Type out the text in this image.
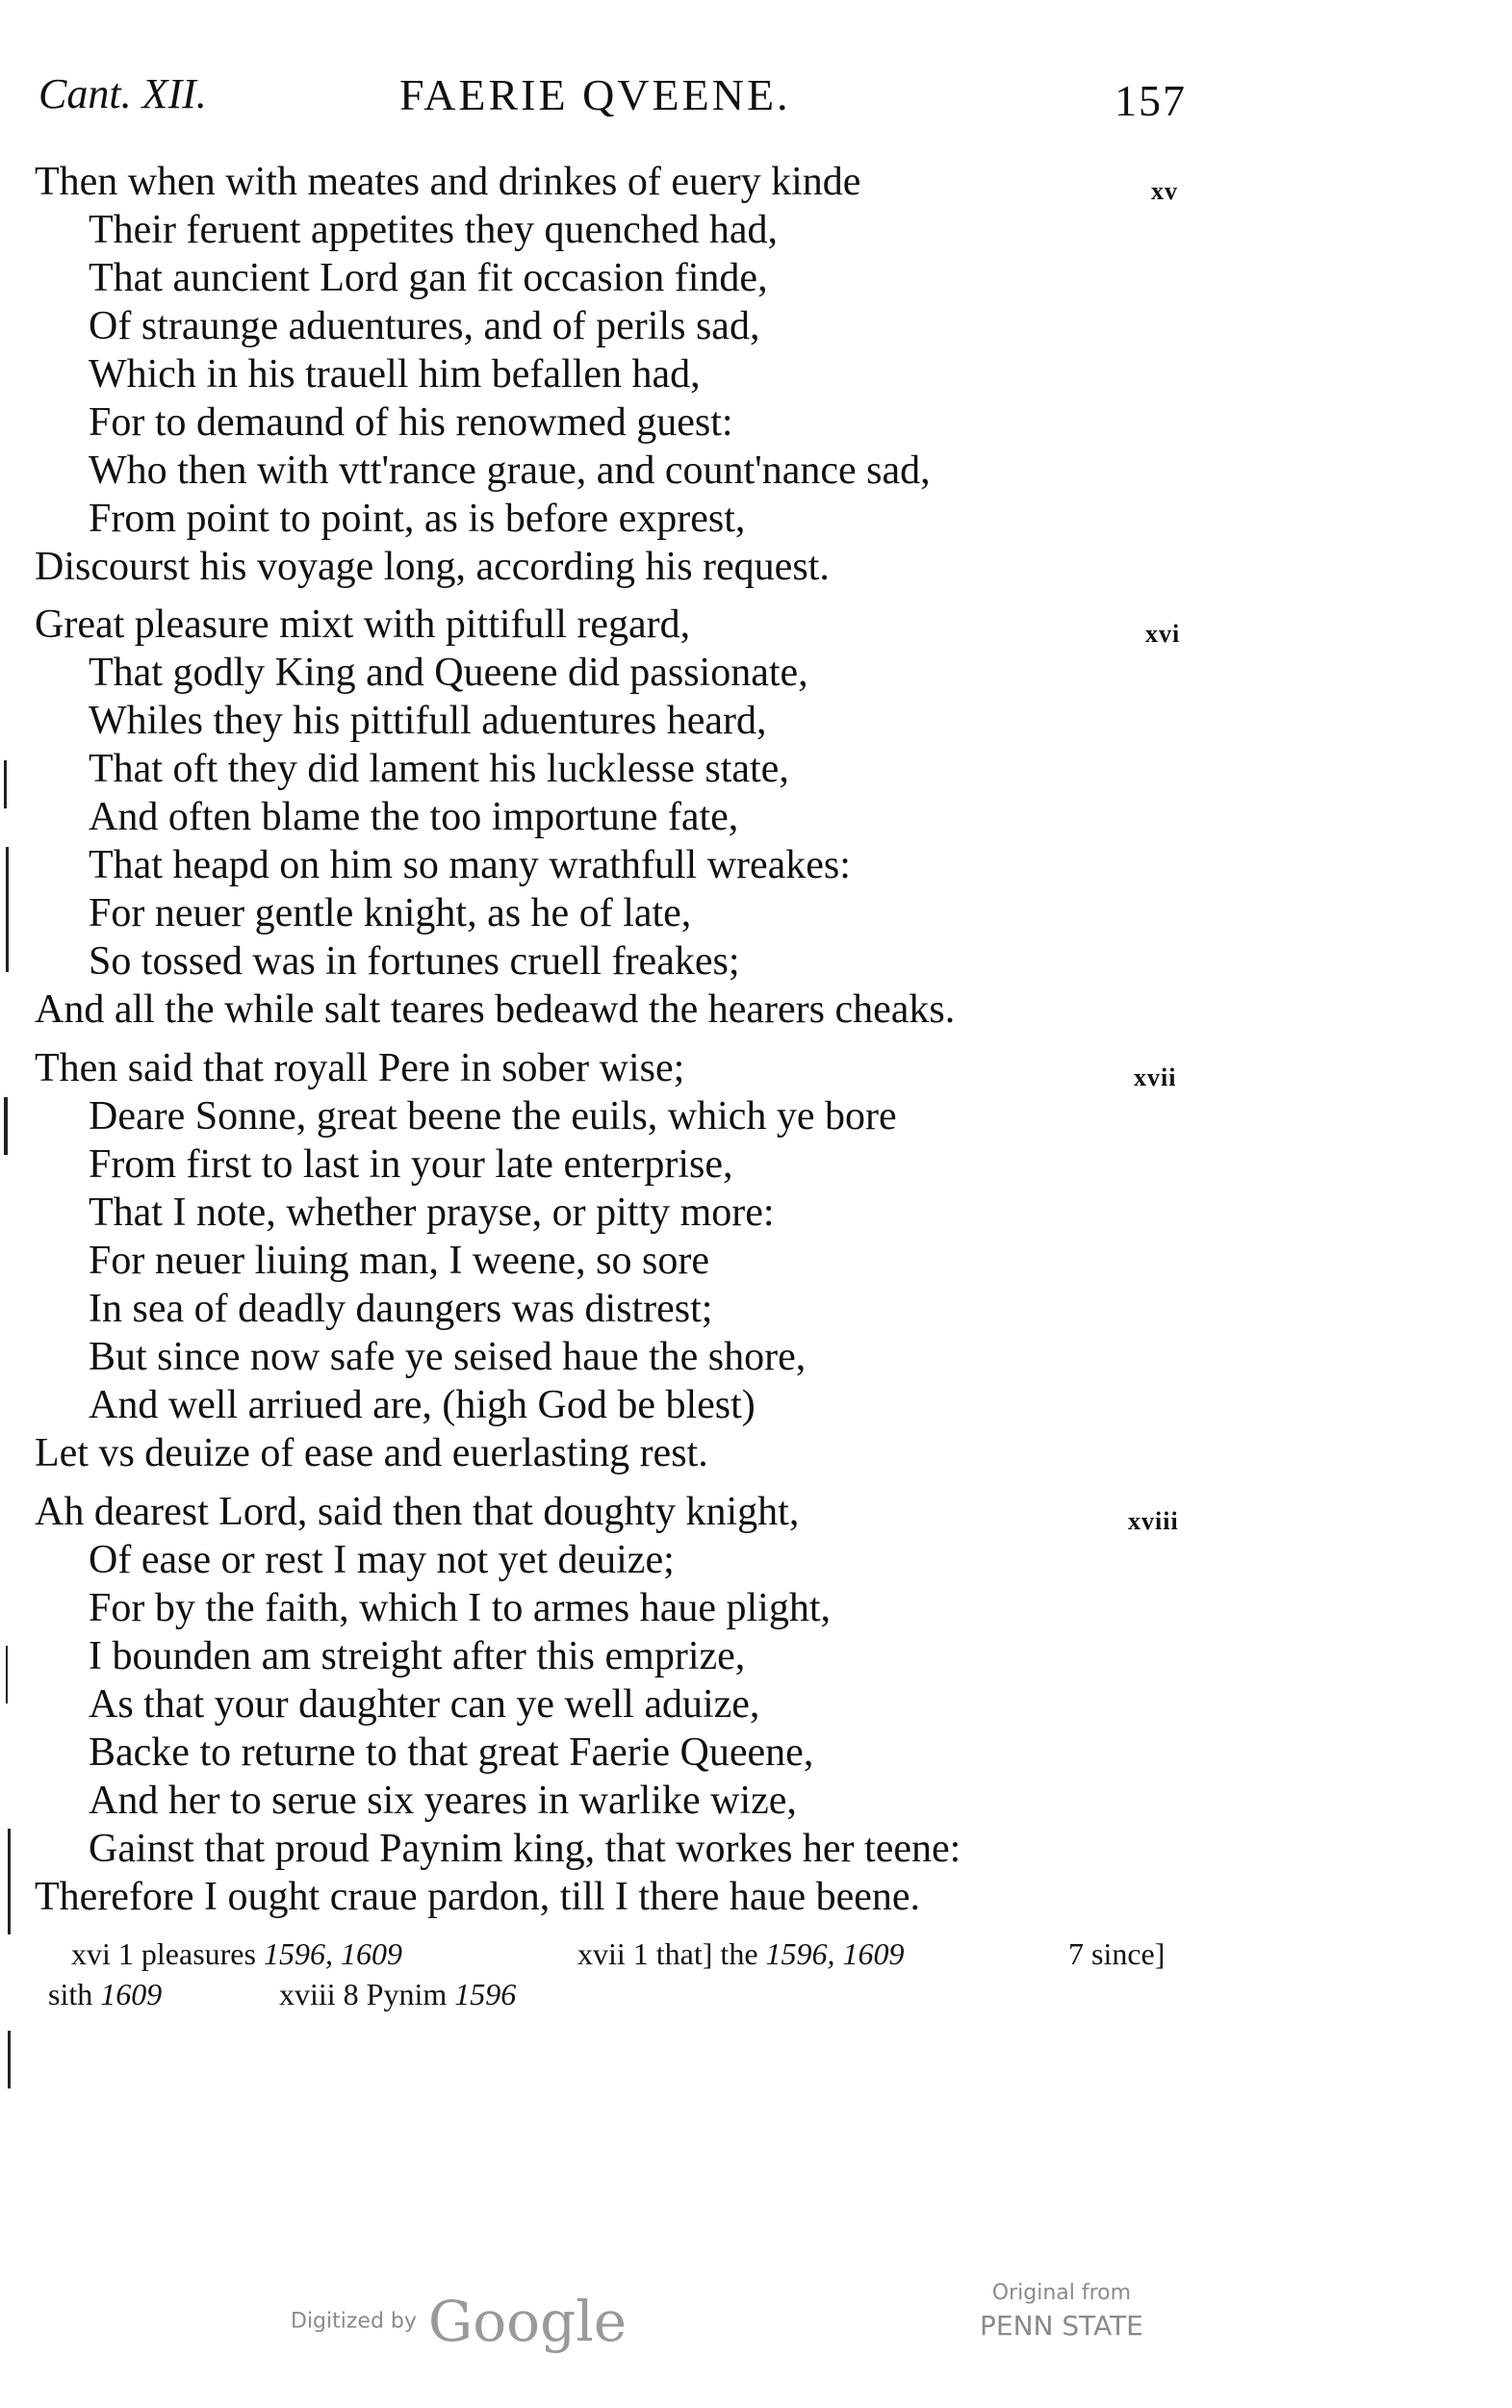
Cant. XII.	FAERIE QVEENE.	157
xv
Then when with meates and drinkes of euery kinde
Their feruent appetites they quenched had,
That auncient Lord gan fit occasion finde,
Of straunge aduentures, and of perils sad,
Which in his trauell him befallen had,
For to demaund of his renowmed guest:
Who then with vtt'rance graue, and count'nance sad,
From point to point, as is before exprest,
Discourst his voyage long, according his request.
xvi
Great pleasure mixt with pittifull regard,
That godly King and Queene did passionate,
Whiles they his pittifull aduentures heard,
That oft they did lament his lucklesse state,
And often blame the too importune fate,
That heapd on him so many wrathfull wreakes:
For neuer gentle knight, as he of late,
So tossed was in fortunes cruell freakes;
And all the while salt teares bedeawd the hearers cheaks.
xvii
Then said that royall Pere in sober wise;
Deare Sonne, great beene the euils, which ye bore
From first to last in your late enterprise,
That I note, whether prayse, or pitty more:
For neuer liuing man, I weene, so sore
In sea of deadly daungers was distrest;
But since now safe ye seised haue the shore,
And well arriued are, (high God be blest)
Let vs deuize of ease and euerlasting rest.
xviii
Ah dearest Lord, said then that doughty knight,
Of ease or rest I may not yet deuize;
For by the faith, which I to armes haue plight,
I bounden am streight after this emprize,
As that your daughter can ye well aduize,
Backe to returne to that great Faerie Queene,
And her to serue six yeares in warlike wize,
Gainst that proud Paynim king, that workes her teene:
Therefore I ought craue pardon, till I there haue beene.
xvi 1 pleasures 1596, 1609	xvii 1 that] the 1596, 1609	7 since]
sith 1609	xviii 8 Pynim 1596
Digitized by Google	Original from
PENN STATE
